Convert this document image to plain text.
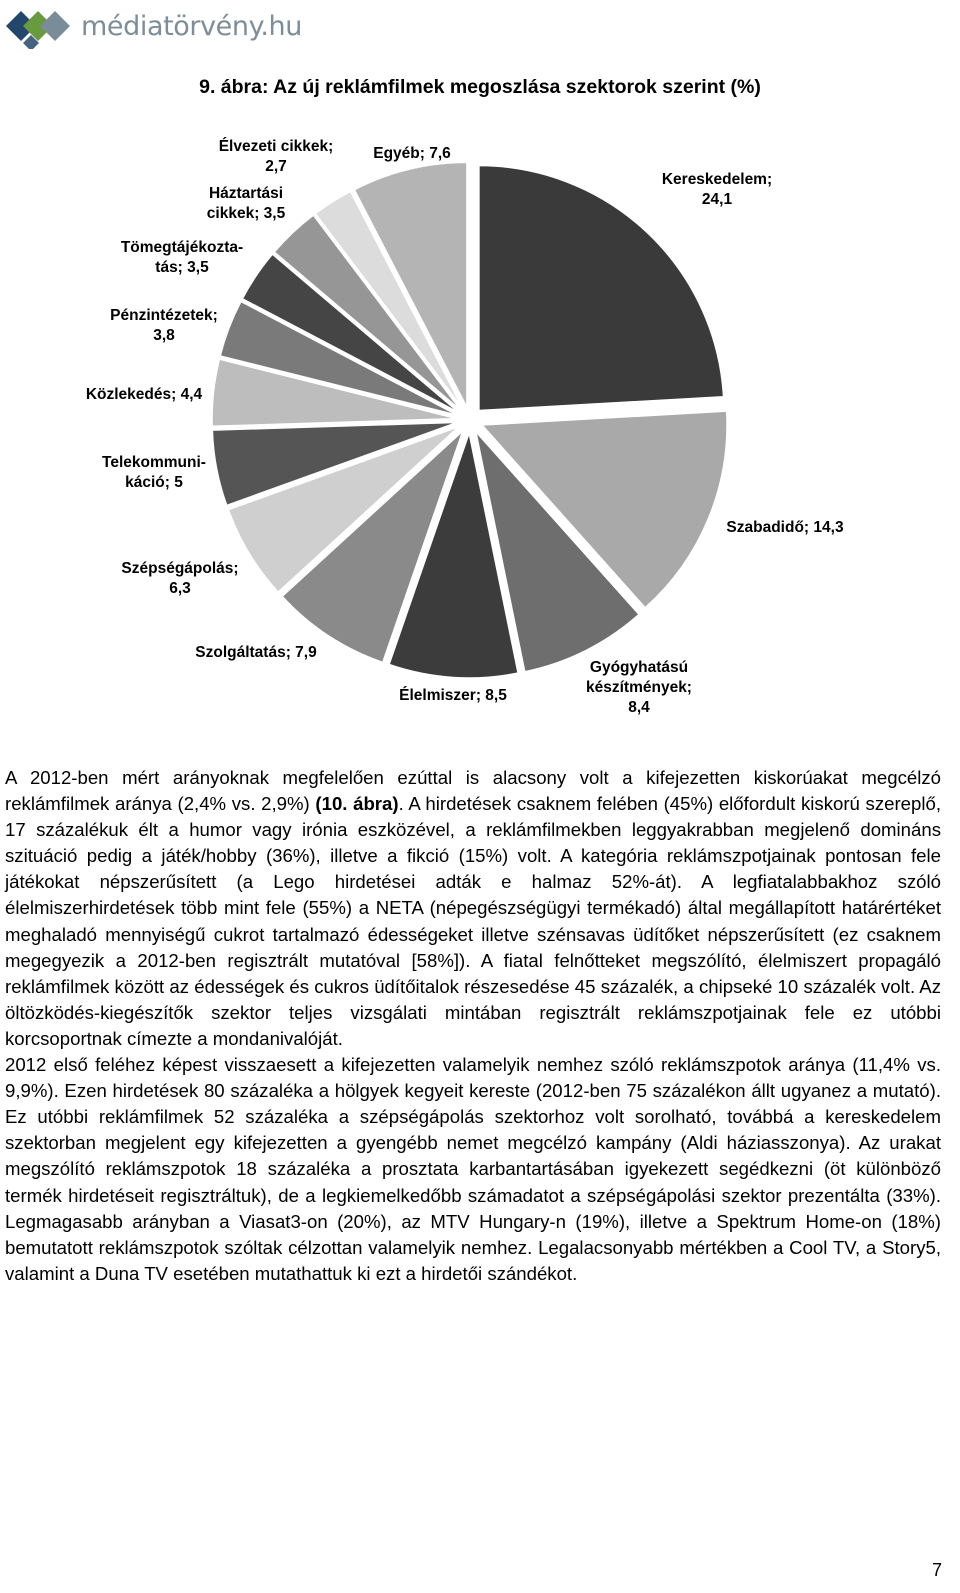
médiatörvény.hu
9. ábra: Az új reklámfilmek megoszlása szektorok szerint (%)
Kereskedelem; 24,1
Szabadidő; 14,3
Gyógyhatású készítmények; 8,4
Élelmiszer; 8,5
Szolgáltatás; 7,9
Szépségápolás; 6,3
Telekommuni-káció; 5
Közlekedés; 4,4
Pénzintézetek; 3,8
Tömegtájékozta-tás; 3,5
Háztartási cikkek; 3,5
Élvezeti cikkek; 2,7
Egyéb; 7,6

A 2012-ben mért arányoknak megfelelően ezúttal is alacsony volt a kifejezetten kiskorúakat megcélzó reklámfilmek aránya (2,4% vs. 2,9%) (10. ábra). A hirdetések csaknem felében (45%) előfordult kiskorú szereplő, 17 százalékuk élt a humor vagy irónia eszközével, a reklámfilmekben leggyakrabban megjelenő domináns szituáció pedig a játék/hobby (36%), illetve a fikció (15%) volt. A kategória reklámszpotjainak pontosan fele játékokat népszerűsített (a Lego hirdetései adták e halmaz 52%-át). A legfiatalabbakhoz szóló élelmiszerhirdetések több mint fele (55%) a NETA (népegészségügyi termékadó) által megállapított határértéket meghaladó mennyiségű cukrot tartalmazó édességeket illetve szénsavas üdítőket népszerűsített (ez csaknem megegyezik a 2012-ben regisztrált mutatóval [58%]). A fiatal felnőtteket megszólító, élelmiszert propagáló reklámfilmek között az édességek és cukros üdítőitalok részesedése 45 százalék, a chipseké 10 százalék volt. Az öltözködés-kiegészítők szektor teljes vizsgálati mintában regisztrált reklámszpotjainak fele ez utóbbi korcsoportnak címezte a mondanivalóját.

2012 első feléhez képest visszaesett a kifejezetten valamelyik nemhez szóló reklámszpotok aránya (11,4% vs. 9,9%). Ezen hirdetések 80 százaléka a hölgyek kegyeit kereste (2012-ben 75 százalékon állt ugyanez a mutató). Ez utóbbi reklámfilmek 52 százaléka a szépségápolás szektorhoz volt sorolható, továbbá a kereskedelem szektorban megjelent egy kifejezetten a gyengébb nemet megcélzó kampány (Aldi háziasszonya). Az urakat megszólító reklámszpotok 18 százaléka a prosztata karbantartásában igyekezett segédkezni (öt különböző termék hirdetéseit regisztráltuk), de a legkiemelkedőbb számadatot a szépségápolási szektor prezentálta (33%). Legmagasabb arányban a Viasat3-on (20%), az MTV Hungary-n (19%), illetve a Spektrum Home-on (18%) bemutatott reklámszpotok szóltak célzottan valamelyik nemhez. Legalacsonyabb mértékben a Cool TV, a Story5, valamint a Duna TV esetében mutathattuk ki ezt a hirdetői szándékot.

7
